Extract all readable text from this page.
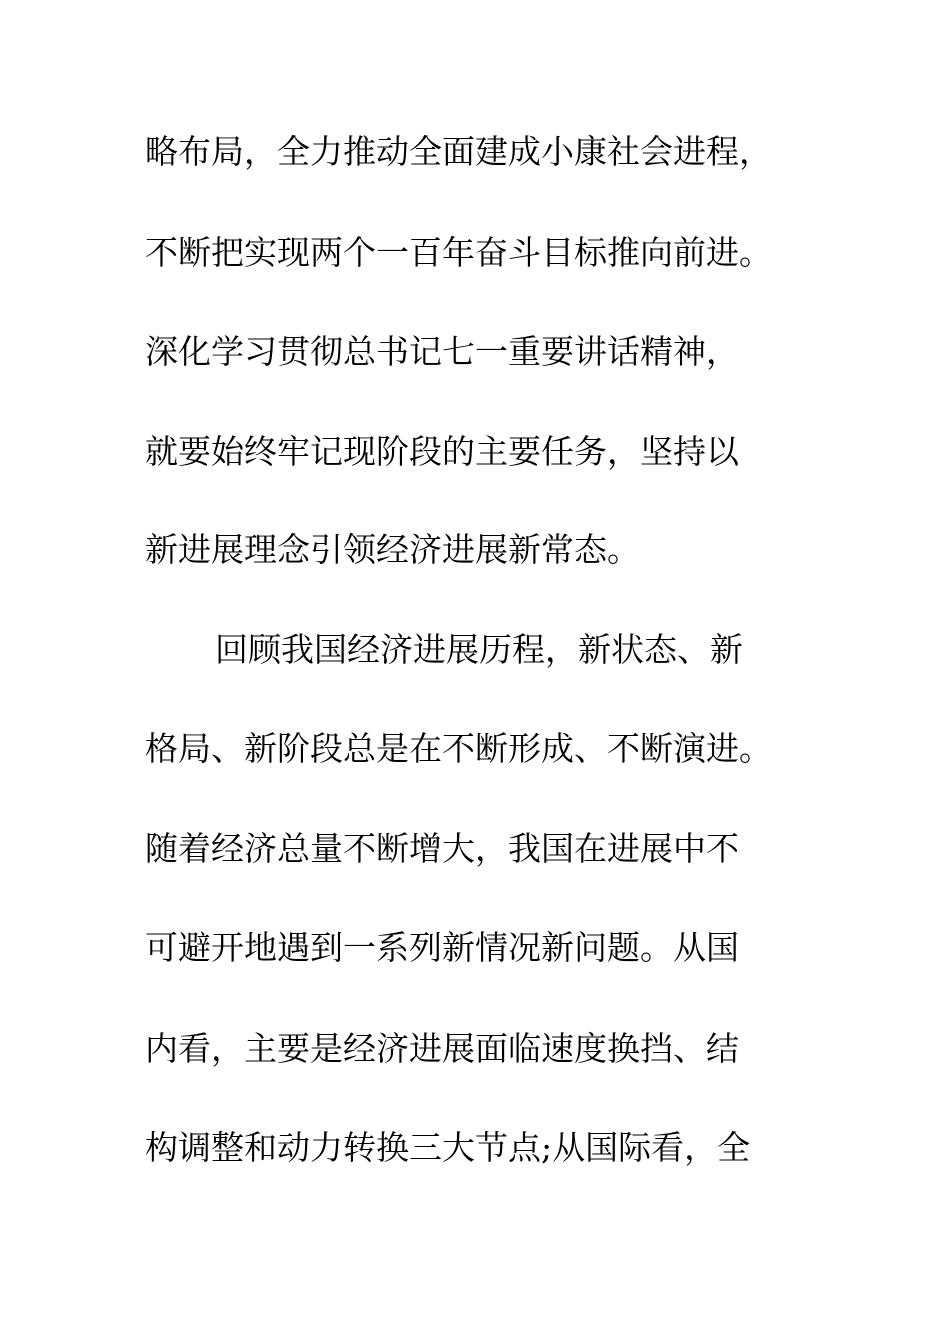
略布局，全力推动全面建成小康社会进程，
不断把实现两个一百年奋斗目标推向前进。
深化学习贯彻总书记七一重要讲话精神，
就要始终牢记现阶段的主要任务，坚持以
新进展理念引领经济进展新常态。
回顾我国经济进展历程，新状态、新
格局、新阶段总是在不断形成、不断演进。
随着经济总量不断增大，我国在进展中不
可避开地遇到一系列新情况新问题。从国
内看，主要是经济进展面临速度换挡、结
构调整和动力转换三大节点;从国际看，全
